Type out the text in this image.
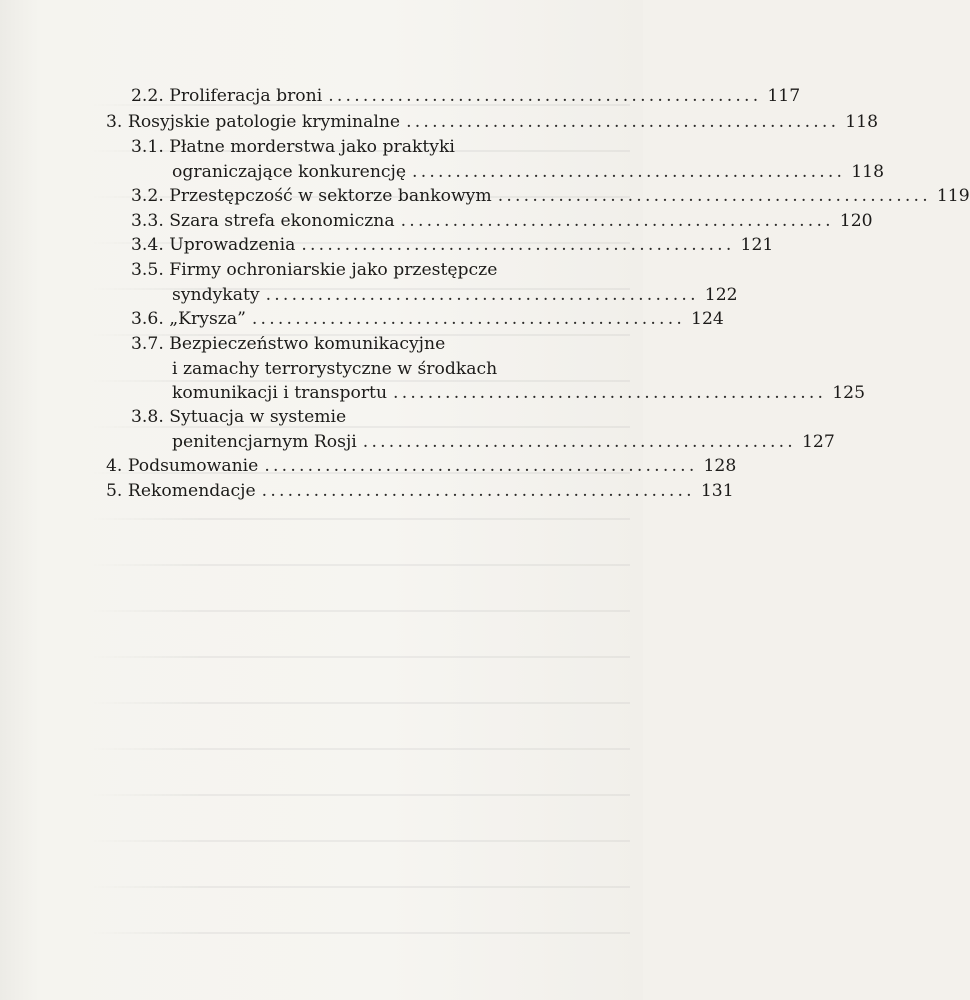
2.2. Proliferacja broni .................................................. 117
3. Rosyjskie patologie kryminalne .................................................. 118
3.1. Płatne morderstwa jako praktyki
ograniczające konkurencję .................................................. 118
3.2. Przestępczość w sektorze bankowym .................................................. 119
3.3. Szara strefa ekonomiczna .................................................. 120
3.4. Uprowadzenia .................................................. 121
3.5. Firmy ochroniarskie jako przestępcze
syndykaty .................................................. 122
3.6. „Krysza” .................................................. 124
3.7. Bezpieczeństwo komunikacyjne
i zamachy terrorystyczne w środkach
komunikacji i transportu .................................................. 125
3.8. Sytuacja w systemie
penitencjarnym Rosji .................................................. 127
4. Podsumowanie .................................................. 128
5. Rekomendacje .................................................. 131
